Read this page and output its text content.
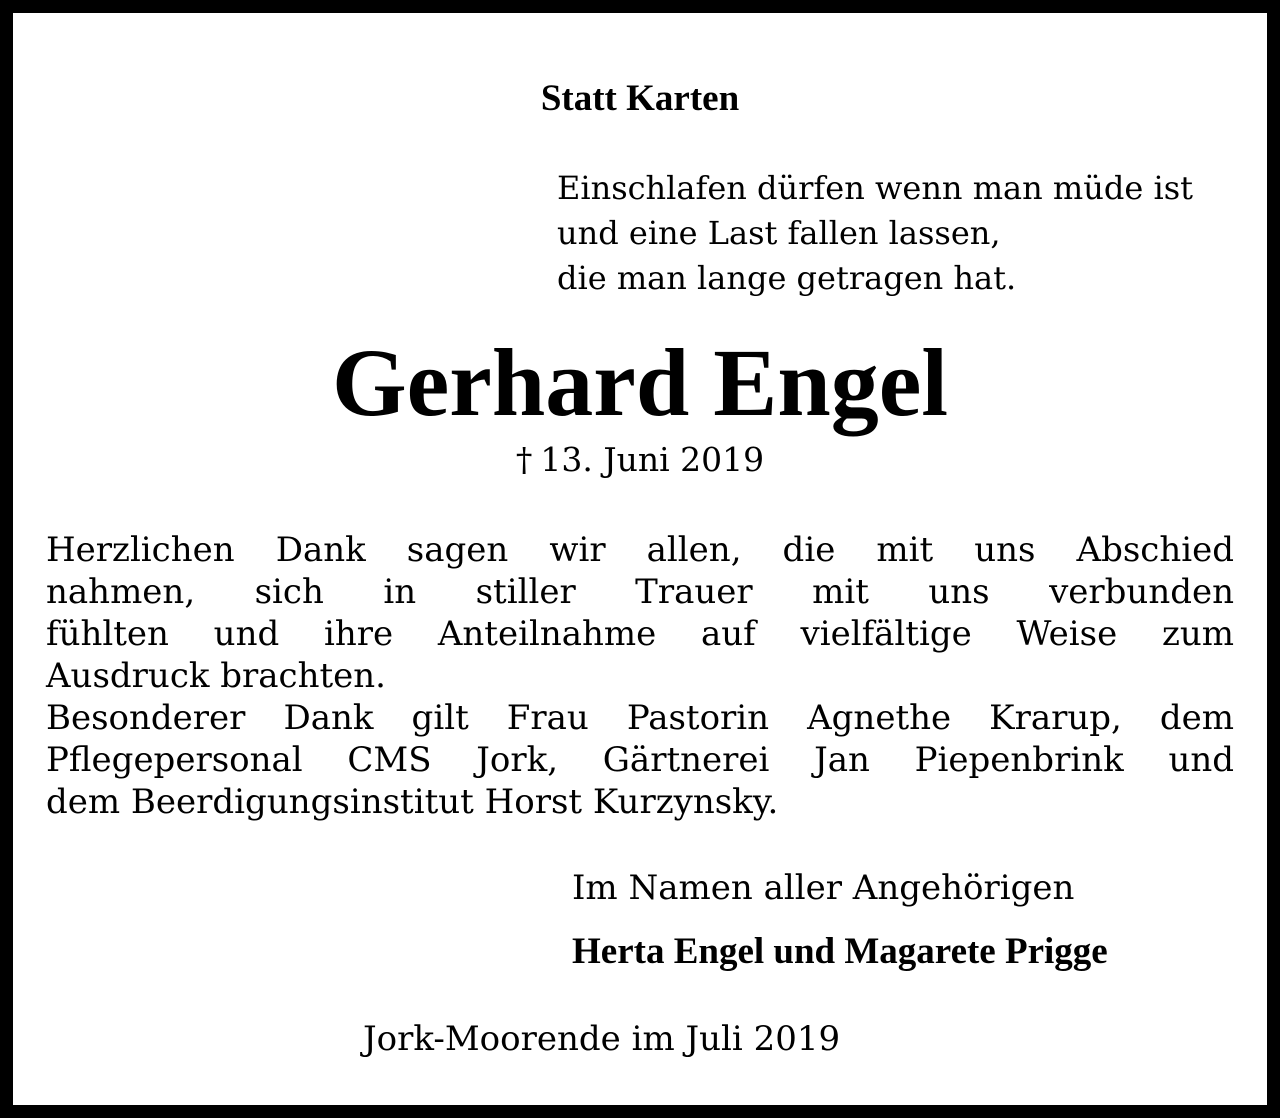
Statt Karten
Einschlafen dürfen wenn man müde ist
und eine Last fallen lassen,
die man lange getragen hat.
Gerhard Engel
† 13. Juni 2019
Herzlichen Dank sagen wir allen, die mit uns Abschied
nahmen, sich in stiller Trauer mit uns verbunden
fühlten und ihre Anteilnahme auf vielfältige Weise zum
Ausdruck brachten.
Besonderer Dank gilt Frau Pastorin Agnethe Krarup, dem
Pflegepersonal CMS Jork, Gärtnerei Jan Piepenbrink und
dem Beerdigungsinstitut Horst Kurzynsky.
Im Namen aller Angehörigen
Herta Engel und Magarete Prigge
Jork-Moorende im Juli 2019
